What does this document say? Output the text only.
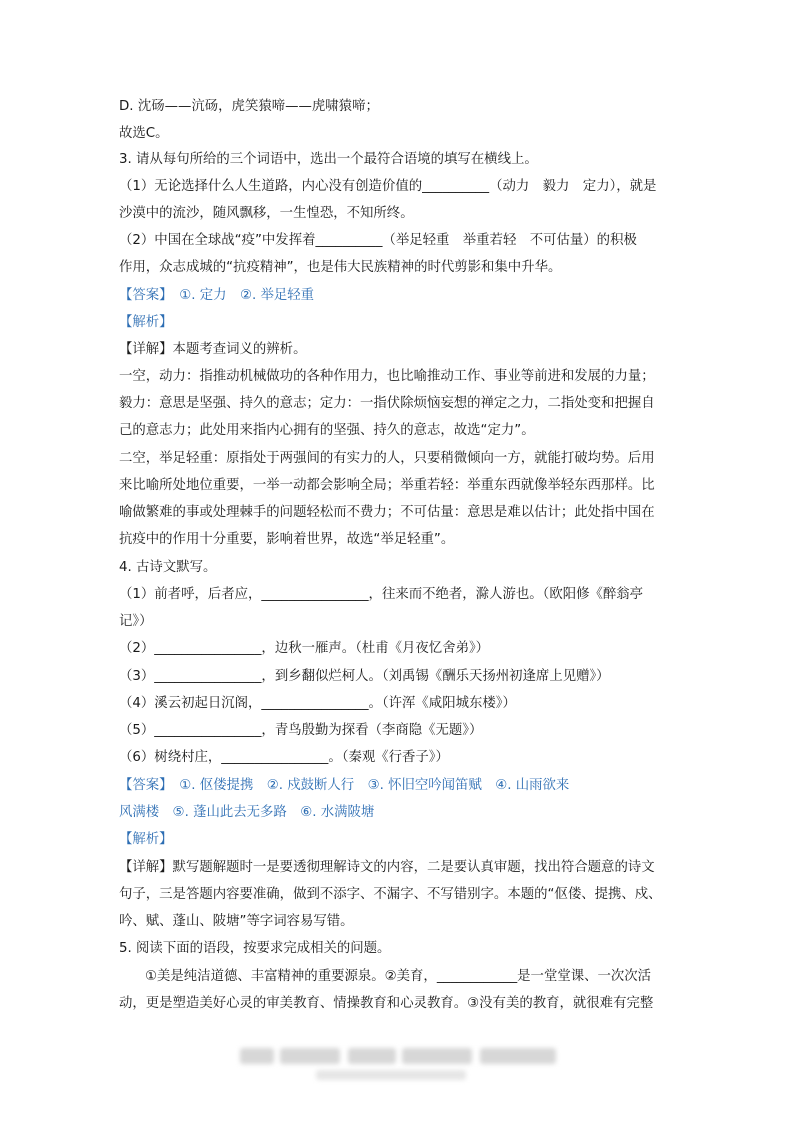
D. 沈砀——沆砀，虎笑猿啼——虎啸猿啼；
故选C。
3. 请从每句所给的三个词语中，选出一个最符合语境的填写在横线上。
（1）无论选择什么人生道路，内心没有创造价值的__________（动力　毅力　定力），就是
沙漠中的流沙，随风飘移，一生惶恐，不知所终。
（2）中国在全球战“疫”中发挥着__________（举足轻重　举重若轻　不可估量）的积极
作用，众志成城的“抗疫精神”，也是伟大民族精神的时代剪影和集中升华。
【答案】　①. 定力　②. 举足轻重
【解析】
【详解】本题考查词义的辨析。
一空，动力：指推动机械做功的各种作用力，也比喻推动工作、事业等前进和发展的力量；
毅力：意思是坚强、持久的意志；定力：一指伏除烦恼妄想的禅定之力，二指处变和把握自
己的意志力；此处用来指内心拥有的坚强、持久的意志，故选“定力”。
二空，举足轻重：原指处于两强间的有实力的人，只要稍微倾向一方，就能打破均势。后用
来比喻所处地位重要，一举一动都会影响全局；举重若轻：举重东西就像举轻东西那样。比
喻做繁难的事或处理棘手的问题轻松而不费力；不可估量：意思是难以估计；此处指中国在
抗疫中的作用十分重要，影响着世界，故选“举足轻重”。
4. 古诗文默写。
（1）前者呼，后者应，________________，往来而不绝者，滁人游也。（欧阳修《醉翁亭
记》）
（2）________________，边秋一雁声。（杜甫《月夜忆舍弟》）
（3）________________，到乡翻似烂柯人。（刘禹锡《酬乐天扬州初逢席上见赠》）
（4）溪云初起日沉阁，________________。（许浑《咸阳城东楼》）
（5）________________，青鸟殷勤为探看（李商隐《无题》）
（6）树绕村庄，________________。（秦观《行香子》）
【答案】　①. 伛偻提携　②. 戍鼓断人行　③. 怀旧空吟闻笛赋　④. 山雨欲来
风满楼　⑤. 蓬山此去无多路　⑥. 水满陂塘
【解析】
【详解】默写题解题时一是要透彻理解诗文的内容，二是要认真审题，找出符合题意的诗文
句子，三是答题内容要准确，做到不添字、不漏字、不写错别字。本题的“伛偻、提携、戍、
吟、赋、蓬山、陂塘”等字词容易写错。
5. 阅读下面的语段，按要求完成相关的问题。
①美是纯洁道德、丰富精神的重要源泉。②美育，____________是一堂堂课、一次次活
动，更是塑造美好心灵的审美教育、情操教育和心灵教育。③没有美的教育，就很难有完整
